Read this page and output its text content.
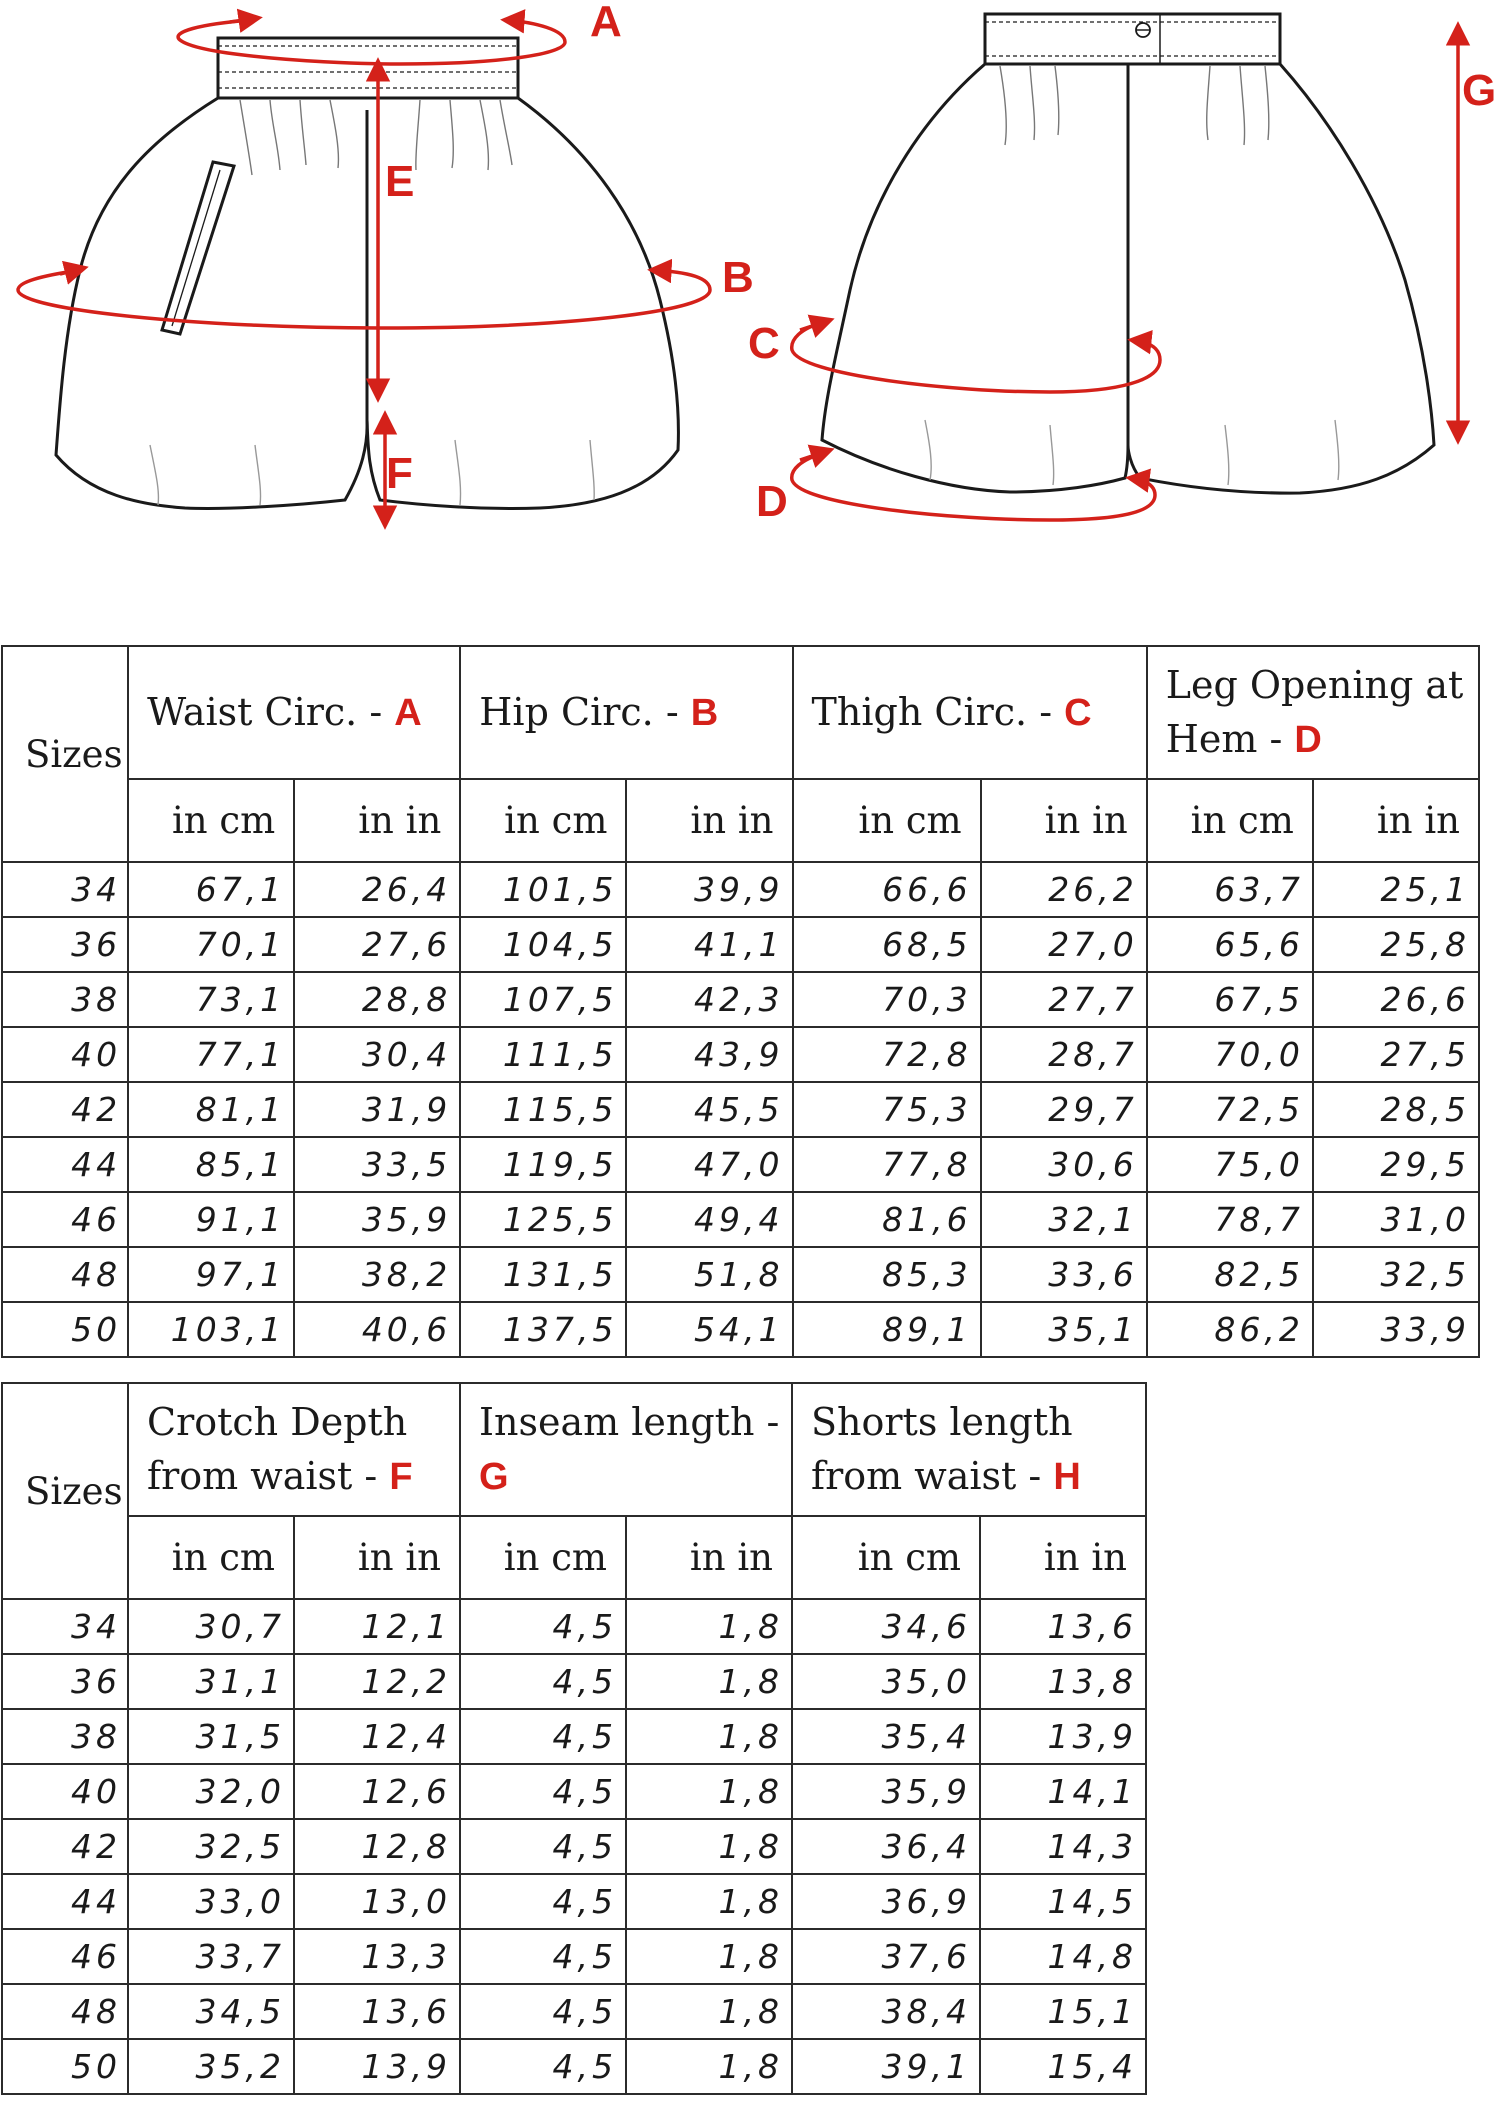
A
B
E
F
C
D
G
Sizes	Waist Circ. - A		Hip Circ. - B		Thigh Circ. - C		Leg Opening at Hem - D	
	in cm	in in	in cm	in in	in cm	in in	in cm	in in
34	67,1	26,4	101,5	39,9	66,6	26,2	63,7	25,1
36	70,1	27,6	104,5	41,1	68,5	27,0	65,6	25,8
38	73,1	28,8	107,5	42,3	70,3	27,7	67,5	26,6
40	77,1	30,4	111,5	43,9	72,8	28,7	70,0	27,5
42	81,1	31,9	115,5	45,5	75,3	29,7	72,5	28,5
44	85,1	33,5	119,5	47,0	77,8	30,6	75,0	29,5
46	91,1	35,9	125,5	49,4	81,6	32,1	78,7	31,0
48	97,1	38,2	131,5	51,8	85,3	33,6	82,5	32,5
50	103,1	40,6	137,5	54,1	89,1	35,1	86,2	33,9
Sizes	Crotch Depth from waist - F		Inseam length - G		Shorts length from waist - H	
	in cm	in in	in cm	in in	in cm	in in
34	30,7	12,1	4,5	1,8	34,6	13,6
36	31,1	12,2	4,5	1,8	35,0	13,8
38	31,5	12,4	4,5	1,8	35,4	13,9
40	32,0	12,6	4,5	1,8	35,9	14,1
42	32,5	12,8	4,5	1,8	36,4	14,3
44	33,0	13,0	4,5	1,8	36,9	14,5
46	33,7	13,3	4,5	1,8	37,6	14,8
48	34,5	13,6	4,5	1,8	38,4	15,1
50	35,2	13,9	4,5	1,8	39,1	15,4
